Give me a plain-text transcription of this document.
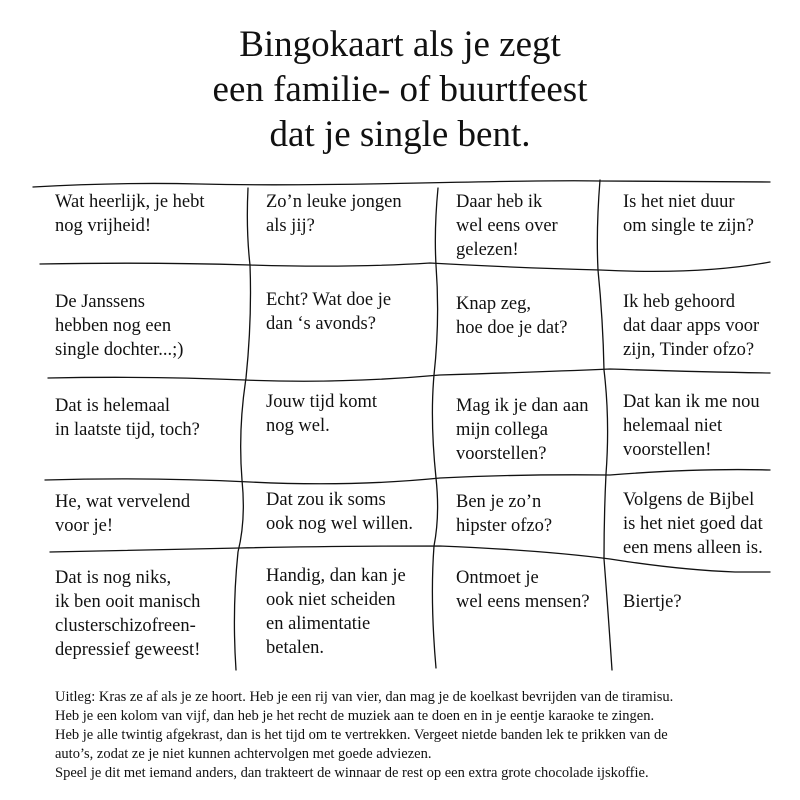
Bingokaart als je zegt
een familie- of buurtfeest
dat je single bent.
Wat heerlijk, je hebt
nog vrijheid!
Zo’n leuke jongen
als jij?
Daar heb ik
wel eens over
gelezen!
Is het niet duur
om single te zijn?
De Janssens
hebben nog een
single dochter...;)
Echt? Wat doe je
dan ‘s avonds?
Knap zeg,
hoe doe je dat?
Ik heb gehoord
dat daar apps voor
zijn, Tinder ofzo?
Dat is helemaal
in laatste tijd, toch?
Jouw tijd komt
nog wel.
Mag ik je dan aan
mijn collega
voorstellen?
Dat kan ik me nou
helemaal niet
voorstellen!
He, wat vervelend
voor je!
Dat zou ik soms
ook nog wel willen.
Ben je zo’n
hipster ofzo?
Volgens de Bijbel
is het niet goed dat
een mens alleen is.
Dat is nog niks,
ik ben ooit manisch
clusterschizofreen-
depressief geweest!
Handig, dan kan je
ook niet scheiden
en alimentatie
betalen.
Ontmoet je
wel eens mensen?	Biertje?
Uitleg: Kras ze af als je ze hoort. Heb je een rij van vier, dan mag je de koelkast bevrijden van de tiramisu.
Heb je een kolom van vijf, dan heb je het recht de muziek aan te doen en in je eentje karaoke te zingen.
Heb je alle twintig afgekrast, dan is het tijd om te vertrekken. Vergeet nietde banden lek te prikken van de
auto’s, zodat ze je niet kunnen achtervolgen met goede adviezen.
Speel je dit met iemand anders, dan trakteert de winnaar de rest op een extra grote chocolade ijskoffie.
